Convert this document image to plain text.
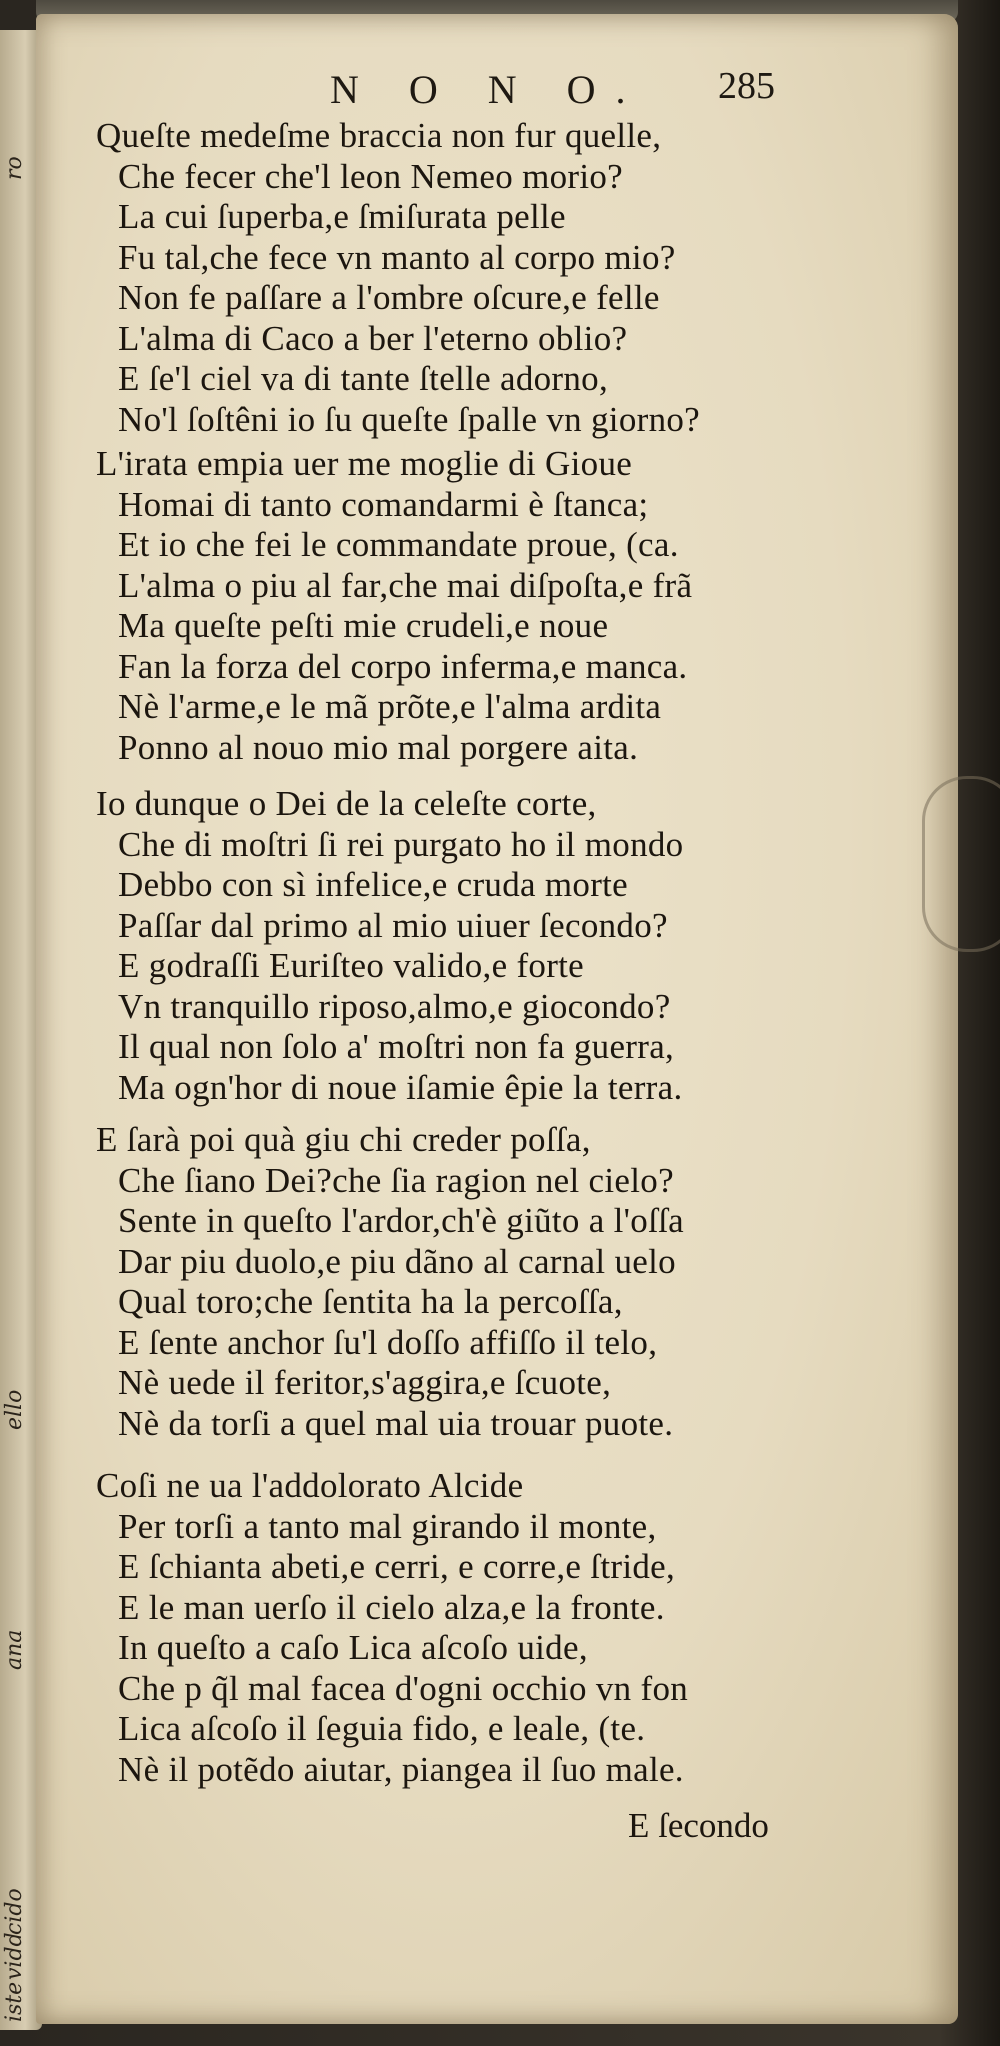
ro
ello
ana
cido
vidd
iste
N O N O. 285
Queſte medeſme braccia non fur quelle,
Che fecer che'l leon Nemeo morio?
La cui ſuperba,e ſmiſurata pelle
Fu tal,che fece vn manto al corpo mio?
Non fe paſſare a l'ombre oſcure,e felle
L'alma di Caco a ber l'eterno oblio?
E ſe'l ciel va di tante ſtelle adorno,
No'l ſoſtêni io ſu queſte ſpalle vn giorno?
L'irata empia uer me moglie di Gioue
Homai di tanto comandarmi è ſtanca;
Et io che fei le commandate proue, (ca.
L'alma o piu al far,che mai diſpoſta,e frã
Ma queſte peſti mie crudeli,e noue
Fan la forza del corpo inferma,e manca.
Nè l'arme,e le mã prõte,e l'alma ardita
Ponno al nouo mio mal porgere aita.
Io dunque o Dei de la celeſte corte,
Che di moſtri ſi rei purgato ho il mondo
Debbo con sì infelice,e cruda morte
Paſſar dal primo al mio uiuer ſecondo?
E godraſſi Euriſteo valido,e forte
Vn tranquillo riposo,almo,e giocondo?
Il qual non ſolo a' moſtri non fa guerra,
Ma ogn'hor di noue iſamie êpie la terra.
E ſarà poi quà giu chi creder poſſa,
Che ſiano Dei?che ſia ragion nel cielo?
Sente in queſto l'ardor,ch'è giũto a l'oſſa
Dar piu duolo,e piu dãno al carnal uelo
Qual toro;che ſentita ha la percoſſa,
E ſente anchor ſu'l doſſo affiſſo il telo,
Nè uede il feritor,s'aggira,e ſcuote,
Nè da torſi a quel mal uia trouar puote.
Coſi ne ua l'addolorato Alcide
Per torſi a tanto mal girando il monte,
E ſchianta abeti,e cerri, e corre,e ſtride,
E le man uerſo il cielo alza,e la fronte.
In queſto a caſo Lica aſcoſo uide,
Che p q̃l mal facea d'ogni occhio vn fon
Lica aſcoſo il ſeguia fido, e leale, (te.
Nè il potẽdo aiutar, piangea il ſuo male.
E ſecondo
